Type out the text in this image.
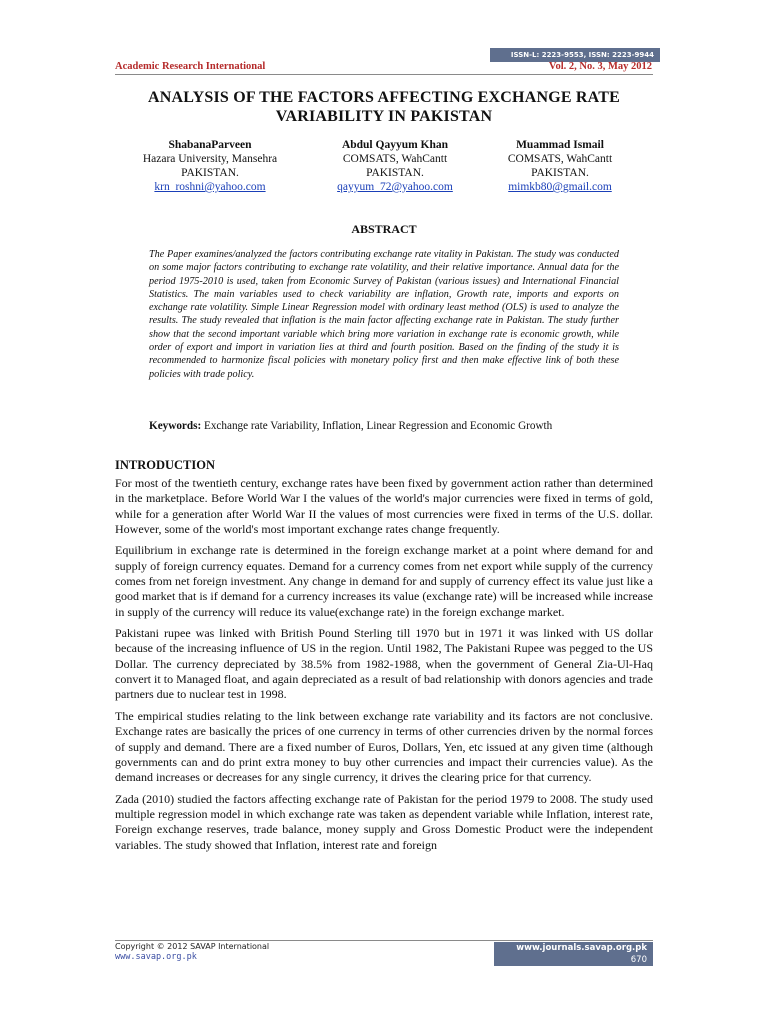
ISSN-L: 2223-9553, ISSN: 2223-9944
Academic Research International	Vol. 2, No. 3, May 2012
ANALYSIS OF THE FACTORS AFFECTING EXCHANGE RATE
VARIABILITY IN PAKISTAN
ShabanaParveen
Hazara University, Mansehra
PAKISTAN.
krn_roshni@yahoo.com
Abdul Qayyum Khan
COMSATS, WahCantt
PAKISTAN.
qayyum_72@yahoo.com
Muammad Ismail
COMSATS, WahCantt
PAKISTAN.
mimkb80@gmail.com
ABSTRACT
The Paper examines/analyzed the factors contributing exchange rate vitality in Pakistan. The study was conducted on some major factors contributing to exchange rate volatility, and their relative importance. Annual data for the period 1975-2010 is used, taken from Economic Survey of Pakistan (various issues) and International Financial Statistics. The main variables used to check variability are inflation, Growth rate, imports and exports on exchange rate volatility. Simple Linear Regression model with ordinary least method (OLS) is used to analyze the results. The study revealed that inflation is the main factor affecting exchange rate in Pakistan. The study further show that the second important variable which bring more variation in exchange rate is economic growth, while order of export and import in variation lies at third and fourth position. Based on the finding of the study it is recommended to harmonize fiscal policies with monetary policy first and then make effective link of both these policies with trade policy.
Keywords: Exchange rate Variability, Inflation, Linear Regression and Economic Growth
INTRODUCTION

For most of the twentieth century, exchange rates have been fixed by government action rather than determined in the marketplace. Before World War I the values of the world's major currencies were fixed in terms of gold, while for a generation after World War II the values of most currencies were fixed in terms of the U.S. dollar. However, some of the world's most important exchange rates change frequently.

Equilibrium in exchange rate is determined in the foreign exchange market at a point where demand for and supply of foreign currency equates. Demand for a currency comes from net export while supply of the currency comes from net foreign investment. Any change in demand for and supply of currency effect its value just like a good market that is if demand for a currency increases its value (exchange rate) will be increased while increase in supply of the currency will reduce its value(exchange rate) in the foreign exchange market.

Pakistani rupee was linked with British Pound Sterling till 1970 but in 1971 it was linked with US dollar because of the increasing influence of US in the region. Until 1982, The Pakistani Rupee was pegged to the US Dollar. The currency depreciated by 38.5% from 1982-1988, when the government of General Zia-Ul-Haq convert it to Managed float, and again depreciated as a result of bad relationship with donors agencies and trade partners due to nuclear test in 1998.

The empirical studies relating to the link between exchange rate variability and its factors are not conclusive. Exchange rates are basically the prices of one currency in terms of other currencies driven by the normal forces of supply and demand. There are a fixed number of Euros, Dollars, Yen, etc issued at any given time (although governments can and do print extra money to buy other currencies and impact their currencies value). As the demand increases or decreases for any single currency, it drives the clearing price for that currency.

Zada (2010) studied the factors affecting exchange rate of Pakistan for the period 1979 to 2008. The study used multiple regression model in which exchange rate was taken as dependent variable while Inflation, interest rate, Foreign exchange reserves, trade balance, money supply and Gross Domestic Product were the independent variables. The study showed that Inflation, interest rate and foreign

Copyright © 2012 SAVAP International
www.savap.org.pk
www.journals.savap.org.pk
670
